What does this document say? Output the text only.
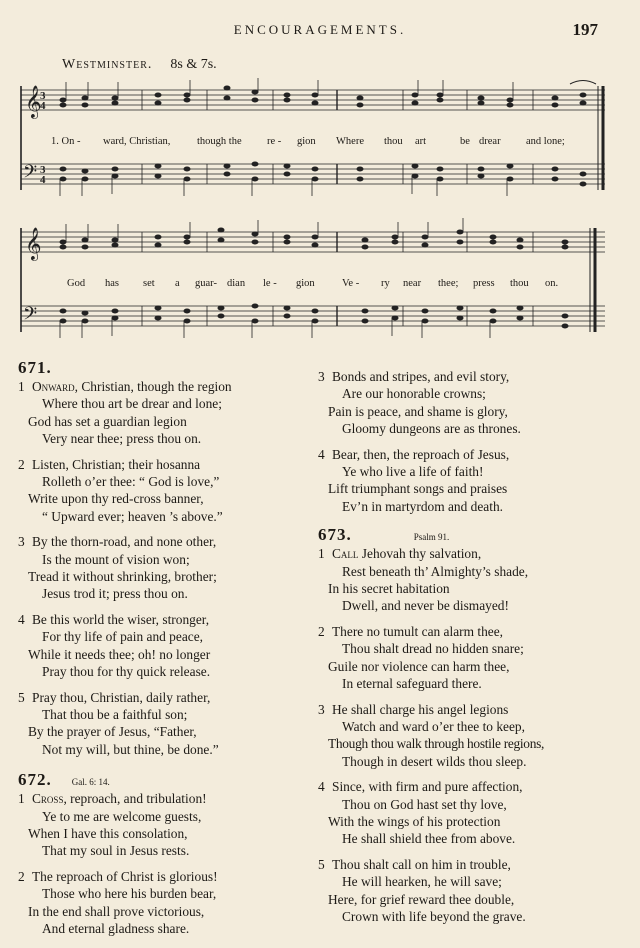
ENCOURAGEMENTS.	197
Westminster. 8s & 7s.
𝄞
𝄢
3
4
3
4
1. On - ward, Christian,	though the re - gion Where thou art	be drear and lone;
𝄞
𝄢
God has set a guar- dian le - gion	Ve - ry near thee; press thou on.
671.
1 Onward, Christian, though the region
Where thou art be drear and lone;
God has set a guardian legion
Very near thee; press thou on.
2 Listen, Christian; their hosanna
Rolleth o’er thee: “ God is love,”
Write upon thy red-cross banner,
“ Upward ever; heaven ’s above.”
3 By the thorn-road, and none other,
Is the mount of vision won;
Tread it without shrinking, brother;
Jesus trod it; press thou on.
4 Be this world the wiser, stronger,
For thy life of pain and peace,
While it needs thee; oh! no longer
Pray thou for thy quick release.
5 Pray thou, Christian, daily rather,
That thou be a faithful son;
By the prayer of Jesus, “Father,
Not my will, but thine, be done.”
672. Gal. 6: 14.
1 Cross, reproach, and tribulation!
Ye to me are welcome guests,
When I have this consolation,
That my soul in Jesus rests.
2 The reproach of Christ is glorious!
Those who here his burden bear,
In the end shall prove victorious,
And eternal gladness share.
3 Bonds and stripes, and evil story,
Are our honorable crowns;
Pain is peace, and shame is glory,
Gloomy dungeons are as thrones.
4 Bear, then, the reproach of Jesus,
Ye who live a life of faith!
Lift triumphant songs and praises
Ev’n in martyrdom and death.
673.	Psalm 91.
1 Call Jehovah thy salvation,
Rest beneath th’ Almighty’s shade,
In his secret habitation
Dwell, and never be dismayed!
2 There no tumult can alarm thee,
Thou shalt dread no hidden snare;
Guile nor violence can harm thee,
In eternal safeguard there.
3 He shall charge his angel legions
Watch and ward o’er thee to keep,
Though thou walk through hostile regions,
Though in desert wilds thou sleep.
4 Since, with firm and pure affection,
Thou on God hast set thy love,
With the wings of his protection
He shall shield thee from above.
5 Thou shalt call on him in trouble,
He will hearken, he will save;
Here, for grief reward thee double,
Crown with life beyond the grave.
